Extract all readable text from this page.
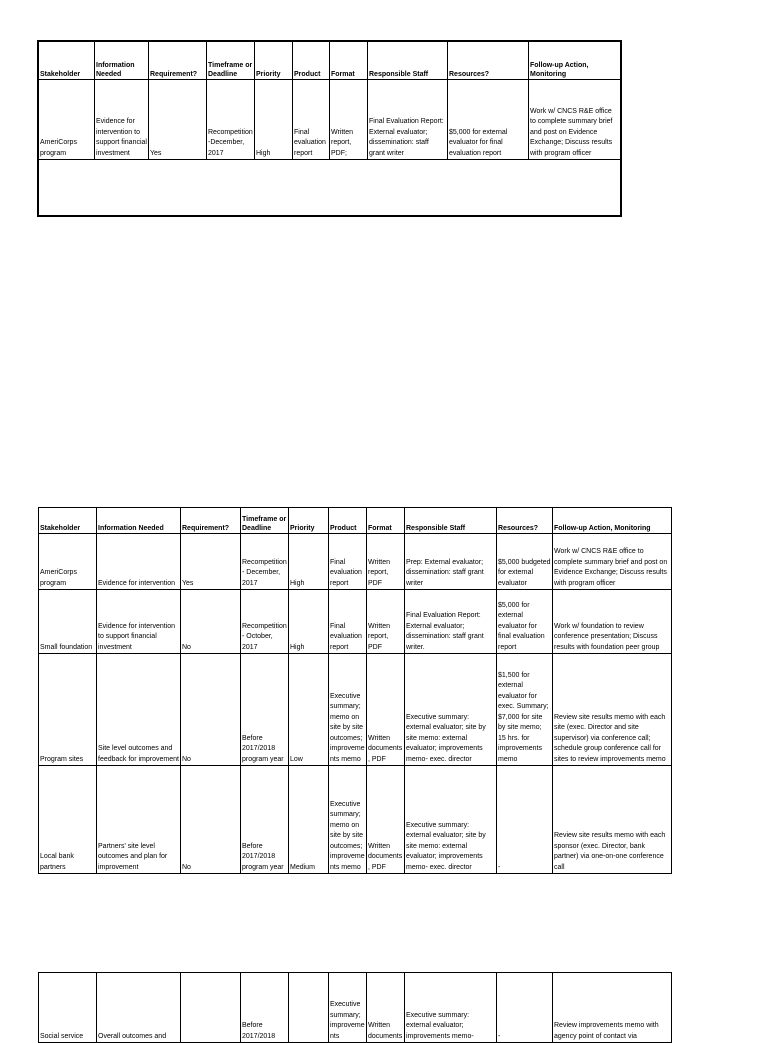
Stakeholder	Information Needed	Requirement?	Timeframe or Deadline	Priority	Product	Format	Responsible Staff	Resources?	Follow-up Action, Monitoring
AmeriCorps program	Evidence for intervention to support financial investment	Yes	Recompetition-December, 2017	High	Final evaluation report	Written report, PDF;	Final Evaluation Report: External evaluator; dissemination: staff grant writer	$5,000 for external evaluator for final evaluation report	Work w/ CNCS R&E office to complete summary brief and post on Evidence Exchange; Discuss results with program officer

Stakeholder	Information Needed	Requirement?	Timeframe or Deadline	Priority	Product	Format	Responsible Staff	Resources?	Follow-up Action, Monitoring
AmeriCorps program	Evidence for intervention	Yes	Recompetition- December, 2017	High	Final evaluation report	Written report, PDF	Prep: External evaluator; dissemination: staff grant writer	$5,000 budgeted for external evaluator	Work w/ CNCS R&E office to complete summary brief and post on Evidence Exchange; Discuss results with program officer
Small foundation	Evidence for intervention to support financial investment	No	Recompetition- October, 2017	High	Final evaluation report	Written report, PDF	Final Evaluation Report: External evaluator; dissemination: staff grant writer.	$5,000 for external evaluator for final evaluation report	Work w/ foundation to review conference presentation; Discuss results with foundation peer group
Program sites	Site level outcomes and feedback for improvement	No	Before 2017/2018 program year	Low	Executive summary; memo on site by site outcomes; improvements memo	Written documents, PDF	Executive summary: external evaluator; site by site memo: external evaluator; improvements memo- exec. director	$1,500 for external evaluator for exec. Summary; $7,000 for site by site memo; 15 hrs. for improvements memo	Review site results memo with each site (exec. Director and site supervisor) via conference call; schedule group conference call for sites to review improvements memo
Local bank partners	Partners' site level outcomes and plan for improvement	No	Before 2017/2018 program year	Medium	Executive summary; memo on site by site outcomes; improvements memo	Written documents, PDF	Executive summary: external evaluator; site by site memo: external evaluator; improvements memo- exec. director	-	Review site results memo with each sponsor (exec. Director, bank partner) via one-on-one conference call
Social service	Overall outcomes and		Before 2017/2018		Executive summary; improvements	Written documents	Executive summary: external evaluator; improvements memo-	-	Review improvements memo with agency point of contact via
